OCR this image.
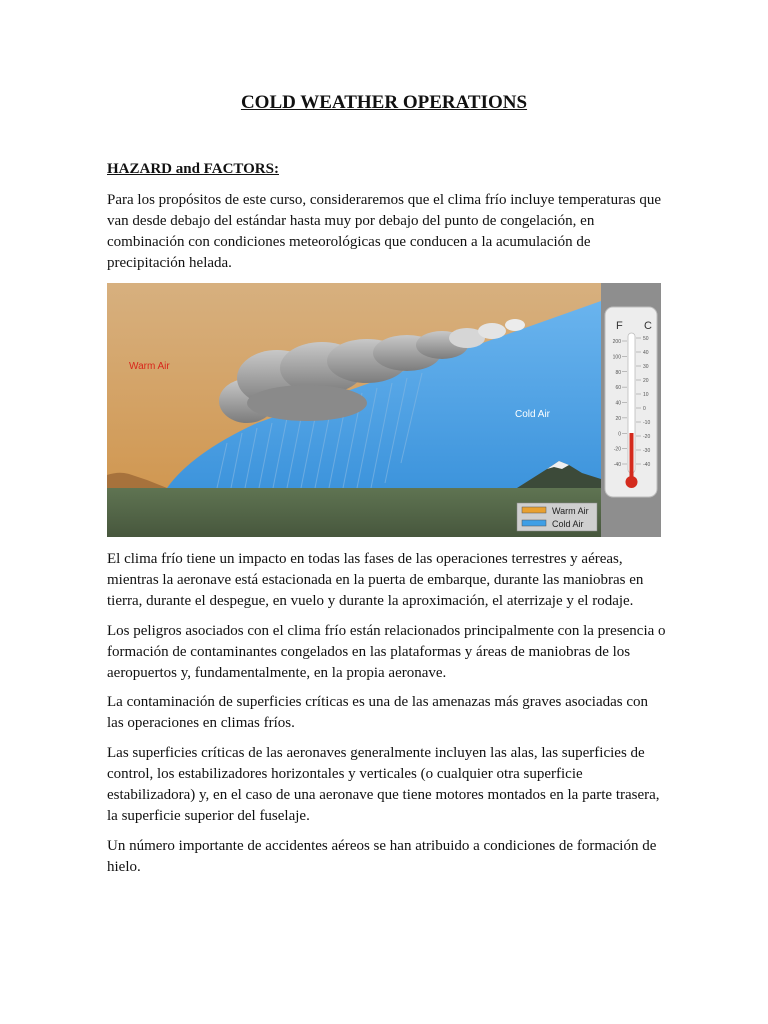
COLD WEATHER OPERATIONS
HAZARD and FACTORS:

Para los propósitos de este curso, consideraremos que el clima frío incluye temperaturas que van desde debajo del estándar hasta muy por debajo del punto de congelación, en combinación con condiciones meteorológicas que conducen a la acumulación de precipitación helada.

Warm Air
Cold Air
Warm Air
Cold Air
F C
200
100
80
60
40
20
0
-20
-40
50
40
30
20
10
0
-10
-20
-30
-40

El clima frío tiene un impacto en todas las fases de las operaciones terrestres y aéreas, mientras la aeronave está estacionada en la puerta de embarque, durante las maniobras en tierra, durante el despegue, en vuelo y durante la aproximación, el aterrizaje y el rodaje.

Los peligros asociados con el clima frío están relacionados principalmente con la presencia o formación de contaminantes congelados en las plataformas y áreas de maniobras de los aeropuertos y, fundamentalmente, en la propia aeronave.

La contaminación de superficies críticas es una de las amenazas más graves asociadas con las operaciones en climas fríos.

Las superficies críticas de las aeronaves generalmente incluyen las alas, las superficies de control, los estabilizadores horizontales y verticales (o cualquier otra superficie estabilizadora) y, en el caso de una aeronave que tiene motores montados en la parte trasera, la superficie superior del fuselaje.

Un número importante de accidentes aéreos se han atribuido a condiciones de formación de hielo.
